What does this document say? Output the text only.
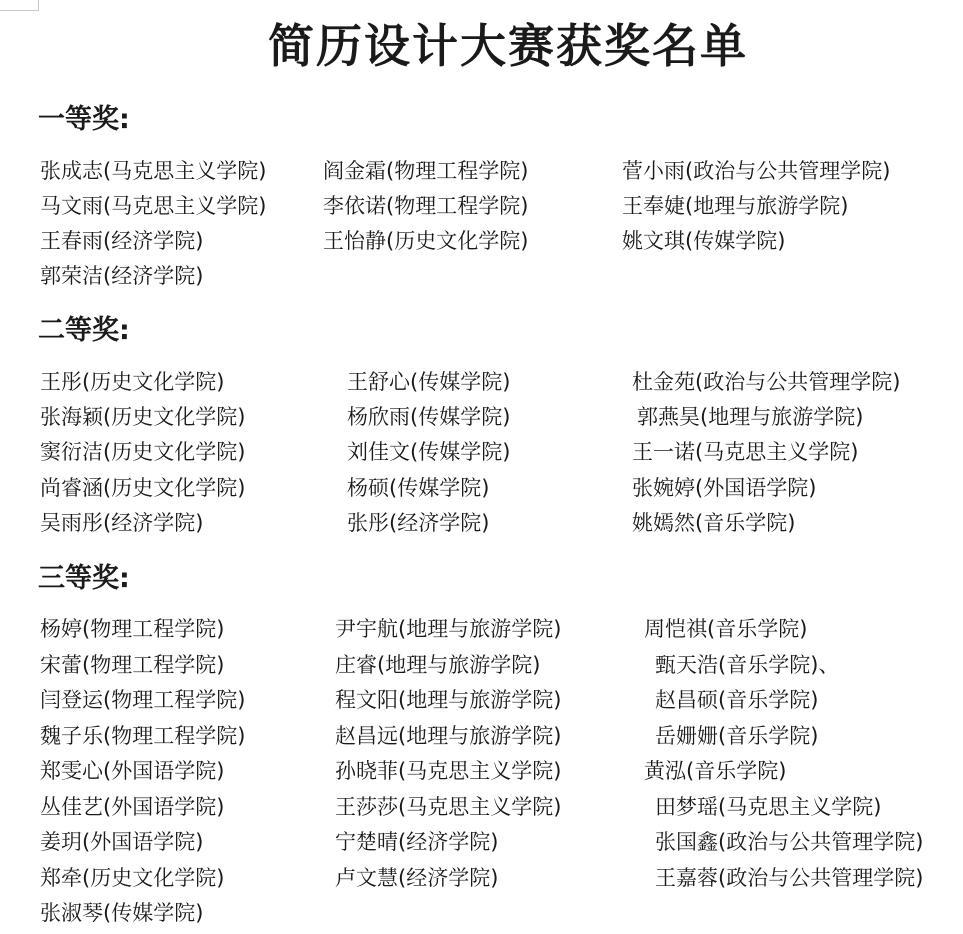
简历设计大赛获奖名单
一等奖:
张成志(马克思主义学院)
马文雨(马克思主义学院)
王春雨(经济学院)
郭荣洁(经济学院)
阎金霜(物理工程学院)
李依诺(物理工程学院)
王怡静(历史文化学院)
菅小雨(政治与公共管理学院)
王奉婕(地理与旅游学院)
姚文琪(传媒学院)
二等奖:
王彤(历史文化学院)
张海颖(历史文化学院)
窦衍洁(历史文化学院)
尚睿涵(历史文化学院)
吴雨彤(经济学院)
王舒心(传媒学院)
杨欣雨(传媒学院)
刘佳文(传媒学院)
杨硕(传媒学院)
张彤(经济学院)
杜金苑(政治与公共管理学院)
郭燕昊(地理与旅游学院)
王一诺(马克思主义学院)
张婉婷(外国语学院)
姚嫣然(音乐学院)
三等奖:
杨婷(物理工程学院)
宋蕾(物理工程学院)
闫登运(物理工程学院)
魏子乐(物理工程学院)
郑雯心(外国语学院)
丛佳艺(外国语学院)
姜玥(外国语学院)
郑牵(历史文化学院)
张淑琴(传媒学院)
尹宇航(地理与旅游学院)
庄睿(地理与旅游学院)
程文阳(地理与旅游学院)
赵昌远(地理与旅游学院)
孙晓菲(马克思主义学院)
王莎莎(马克思主义学院)
宁楚晴(经济学院)
卢文慧(经济学院)
周恺祺(音乐学院)
甄天浩(音乐学院)、
赵昌硕(音乐学院)
岳姗姗(音乐学院)
黄泓(音乐学院)
田梦瑶(马克思主义学院)
张国鑫(政治与公共管理学院)
王嘉蓉(政治与公共管理学院)
